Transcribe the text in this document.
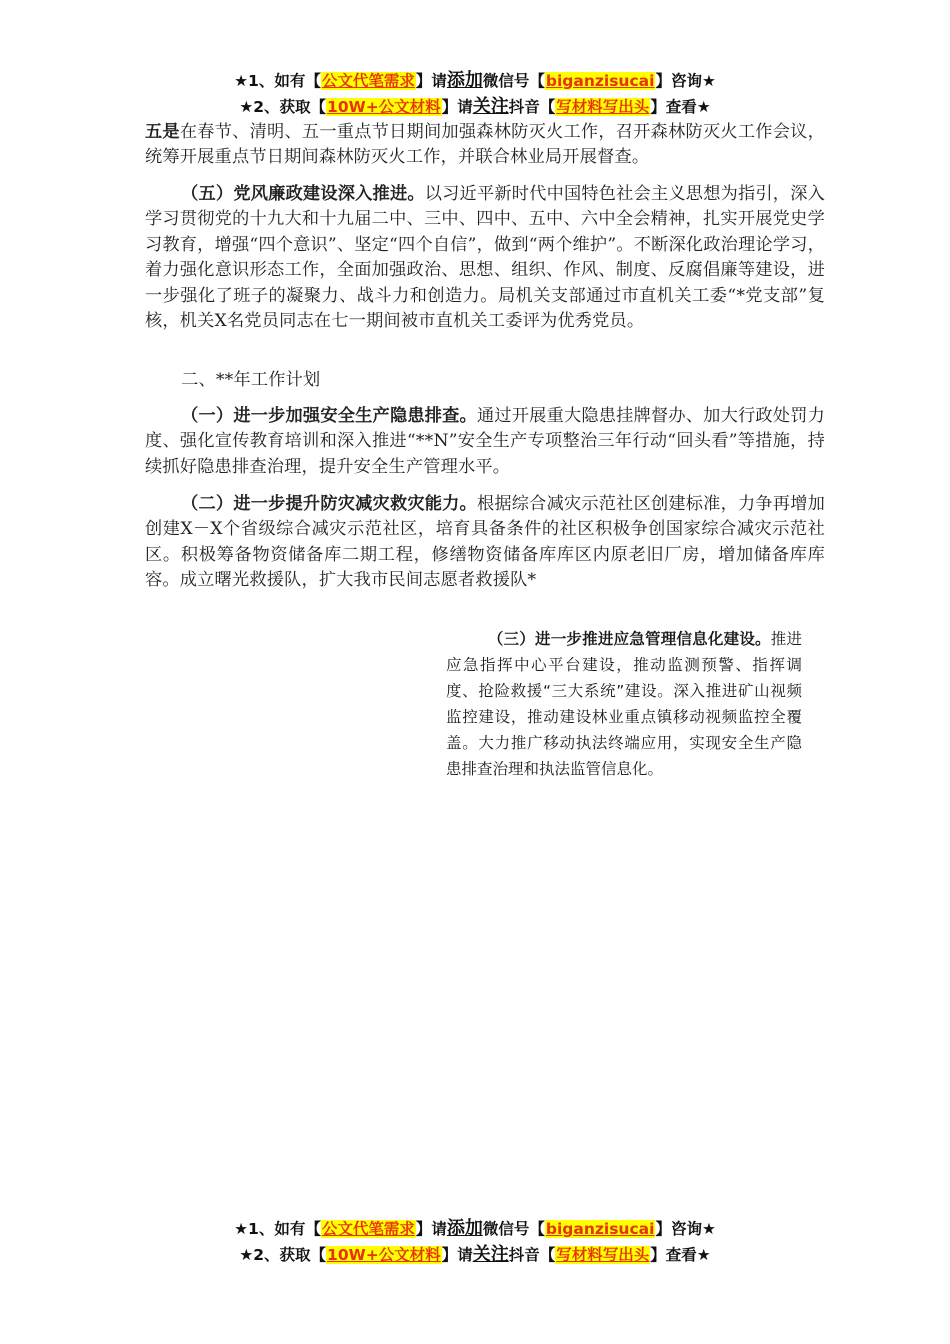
★1、如有【公文代笔需求】请添加微信号【biganzisucai】咨询★
★2、获取【10W+公文材料】请关注抖音【写材料写出头】查看★
五是在春节、清明、五一重点节日期间加强森林防灭火工作，召开森林防灭火工作会议，统筹开展重点节日期间森林防灭火工作，并联合林业局开展督查。
（五）党风廉政建设深入推进。以习近平新时代中国特色社会主义思想为指引，深入学习贯彻党的十九大和十九届二中、三中、四中、五中、六中全会精神，扎实开展党史学习教育，增强“四个意识”、坚定“四个自信”，做到“两个维护”。不断深化政治理论学习，着力强化意识形态工作，全面加强政治、思想、组织、作风、制度、反腐倡廉等建设，进一步强化了班子的凝聚力、战斗力和创造力。局机关支部通过市直机关工委“*党支部”复核，机关X名党员同志在七一期间被市直机关工委评为优秀党员。
二、**年工作计划
（一）进一步加强安全生产隐患排查。通过开展重大隐患挂牌督办、加大行政处罚力度、强化宣传教育培训和深入推进“**N”安全生产专项整治三年行动“回头看”等措施，持续抓好隐患排查治理，提升安全生产管理水平。
（二）进一步提升防灾减灾救灾能力。根据综合减灾示范社区创建标准，力争再增加创建X－X个省级综合减灾示范社区，培育具备条件的社区积极争创国家综合减灾示范社区。积极筹备物资储备库二期工程，修缮物资储备库库区内原老旧厂房，增加储备库库容。成立曙光救援队，扩大我市民间志愿者救援队*
（三）进一步推进应急管理信息化建设。推进应急指挥中心平台建设，推动监测预警、指挥调度、抢险救援“三大系统”建设。深入推进矿山视频监控建设，推动建设林业重点镇移动视频监控全覆盖。大力推广移动执法终端应用，实现安全生产隐患排查治理和执法监管信息化。
★1、如有【公文代笔需求】请添加微信号【biganzisucai】咨询★
★2、获取【10W+公文材料】请关注抖音【写材料写出头】查看★
